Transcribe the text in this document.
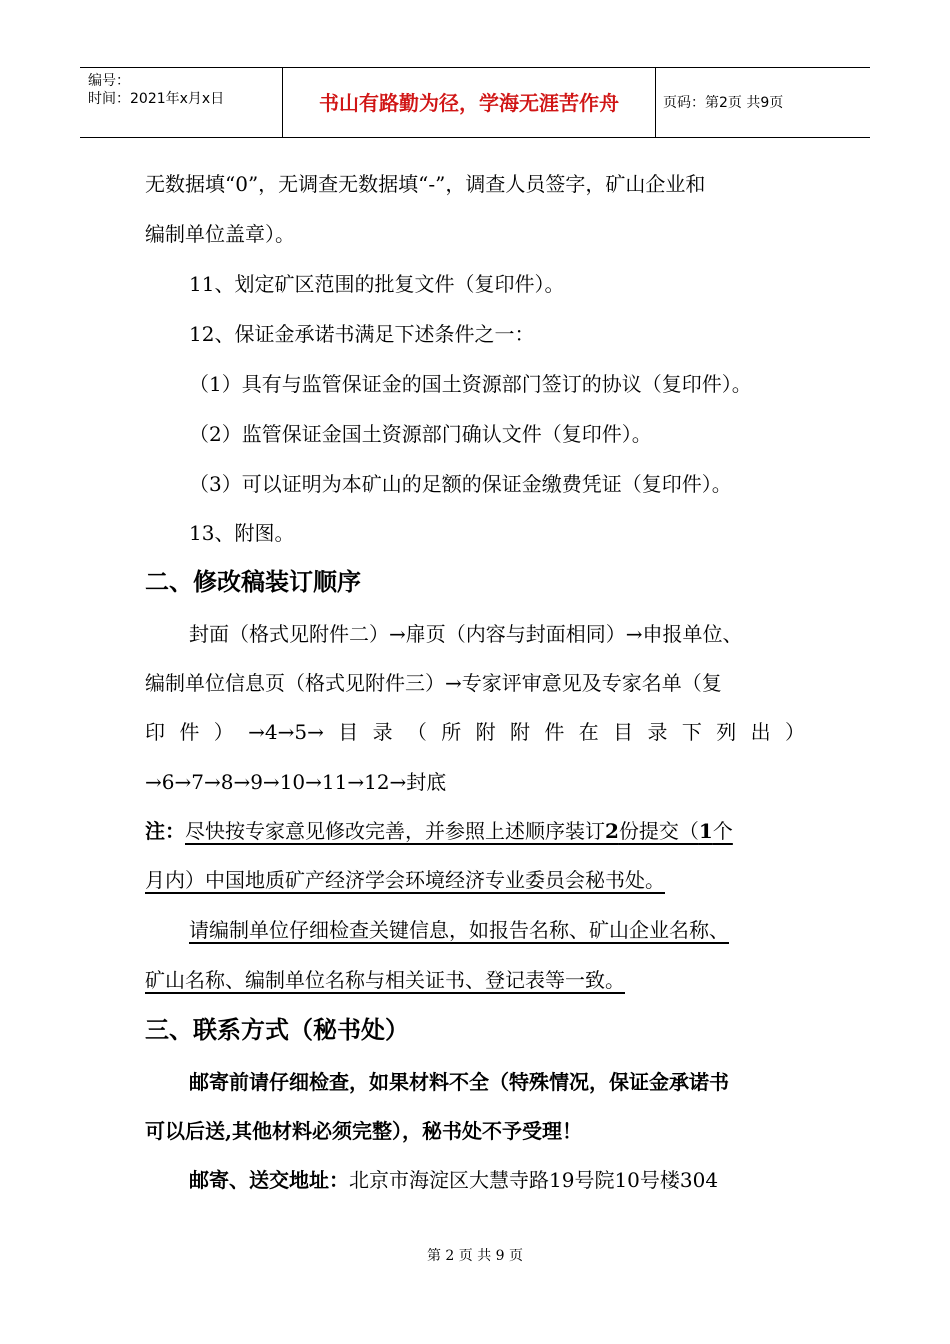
编号：
时间：2021年x月x日	书山有路勤为径，学海无涯苦作舟	页码：第2页 共9页
无数据填“0”，无调查无数据填“-”，调查人员签字，矿山企业和
编制单位盖章）。
11、划定矿区范围的批复文件（复印件）。
12、保证金承诺书满足下述条件之一：
（1）具有与监管保证金的国土资源部门签订的协议（复印件）。
（2）监管保证金国土资源部门确认文件（复印件）。
（3）可以证明为本矿山的足额的保证金缴费凭证（复印件）。
13、附图。
二、修改稿装订顺序
封面（格式见附件二）→扉页（内容与封面相同）→申报单位、
编制单位信息页（格式见附件三）→专家评审意见及专家名单（复
印件）→4→5→目录（所附附件在目录下列出）
→6→7→8→9→10→11→12→封底
注：尽快按专家意见修改完善，并参照上述顺序装订2份提交（1个
月内）中国地质矿产经济学会环境经济专业委员会秘书处。
请编制单位仔细检查关键信息，如报告名称、矿山企业名称、
矿山名称、编制单位名称与相关证书、登记表等一致。
三、联系方式（秘书处）
邮寄前请仔细检查，如果材料不全（特殊情况，保证金承诺书
可以后送,其他材料必须完整），秘书处不予受理！
邮寄、送交地址：北京市海淀区大慧寺路19号院10号楼304
第 2 页 共 9 页
